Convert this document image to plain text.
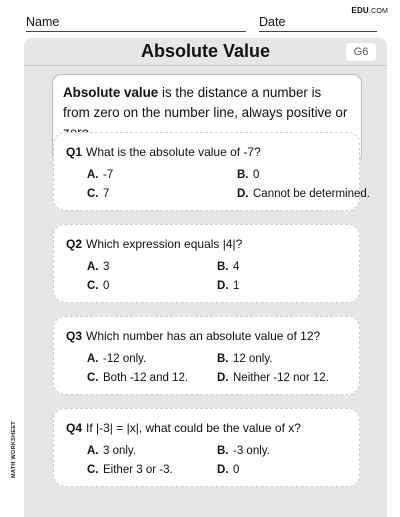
EDU.COM
Name	Date
MATH WORKSHEET
Absolute Value	G6
Absolute value is the distance a number is from zero on the number line, always positive or
Q1 What is the absolute value of -7?
A. -7	B. 0
C. 7	D. Cannot be determined.
Q2 Which expression equals |4|?
A. 3	B. 4
C. 0	D. 1
Q3 Which number has an absolute value of 12?
A. -12 only.	B. 12 only.
C. Both -12 and 12.	D. Neither -12 nor 12.
Q4 If |-3| = |x|, what could be the value of x?
A. 3 only.	B. -3 only.
C. Either 3 or -3.	D. 0
